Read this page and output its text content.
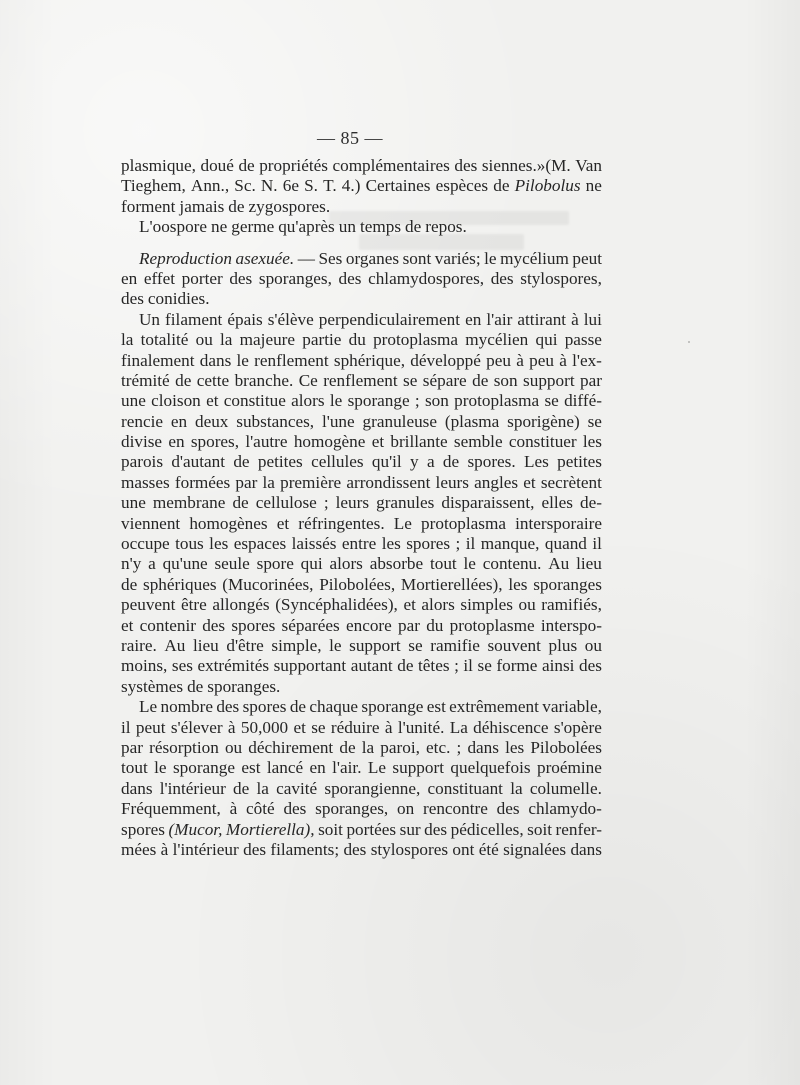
— 85 —
plasmique, doué de propriétés complémentaires des siennes.»(M. Van
Tieghem, Ann., Sc. N. 6e S. T. 4.) Certaines espèces de Pilobolus ne
forment jamais de zygospores.
L'oospore ne germe qu'après un temps de repos.
Reproduction asexuée. — Ses organes sont variés; le mycélium peut
en effet porter des sporanges, des chlamydospores, des stylospores,
des conidies.
Un filament épais s'élève perpendiculairement en l'air attirant à lui
la totalité ou la majeure partie du protoplasma mycélien qui passe
finalement dans le renflement sphérique, développé peu à peu à l'ex-
trémité de cette branche. Ce renflement se sépare de son support par
une cloison et constitue alors le sporange ; son protoplasma se diffé-
rencie en deux substances, l'une granuleuse (plasma sporigène) se
divise en spores, l'autre homogène et brillante semble constituer les
parois d'autant de petites cellules qu'il y a de spores. Les petites
masses formées par la première arrondissent leurs angles et secrètent
une membrane de cellulose ; leurs granules disparaissent, elles de-
viennent homogènes et réfringentes. Le protoplasma intersporaire
occupe tous les espaces laissés entre les spores ; il manque, quand il
n'y a qu'une seule spore qui alors absorbe tout le contenu. Au lieu
de sphériques (Mucorinées, Pilobolées, Mortierellées), les sporanges
peuvent être allongés (Syncéphalidées), et alors simples ou ramifiés,
et contenir des spores séparées encore par du protoplasme interspo-
raire. Au lieu d'être simple, le support se ramifie souvent plus ou
moins, ses extrémités supportant autant de têtes ; il se forme ainsi des
systèmes de sporanges.
Le nombre des spores de chaque sporange est extrêmement variable,
il peut s'élever à 50,000 et se réduire à l'unité. La déhiscence s'opère
par résorption ou déchirement de la paroi, etc. ; dans les Pilobolées
tout le sporange est lancé en l'air. Le support quelquefois proémine
dans l'intérieur de la cavité sporangienne, constituant la columelle.
Fréquemment, à côté des sporanges, on rencontre des chlamydo-
spores (Mucor, Mortierella), soit portées sur des pédicelles, soit renfer-
mées à l'intérieur des filaments; des stylospores ont été signalées dans
